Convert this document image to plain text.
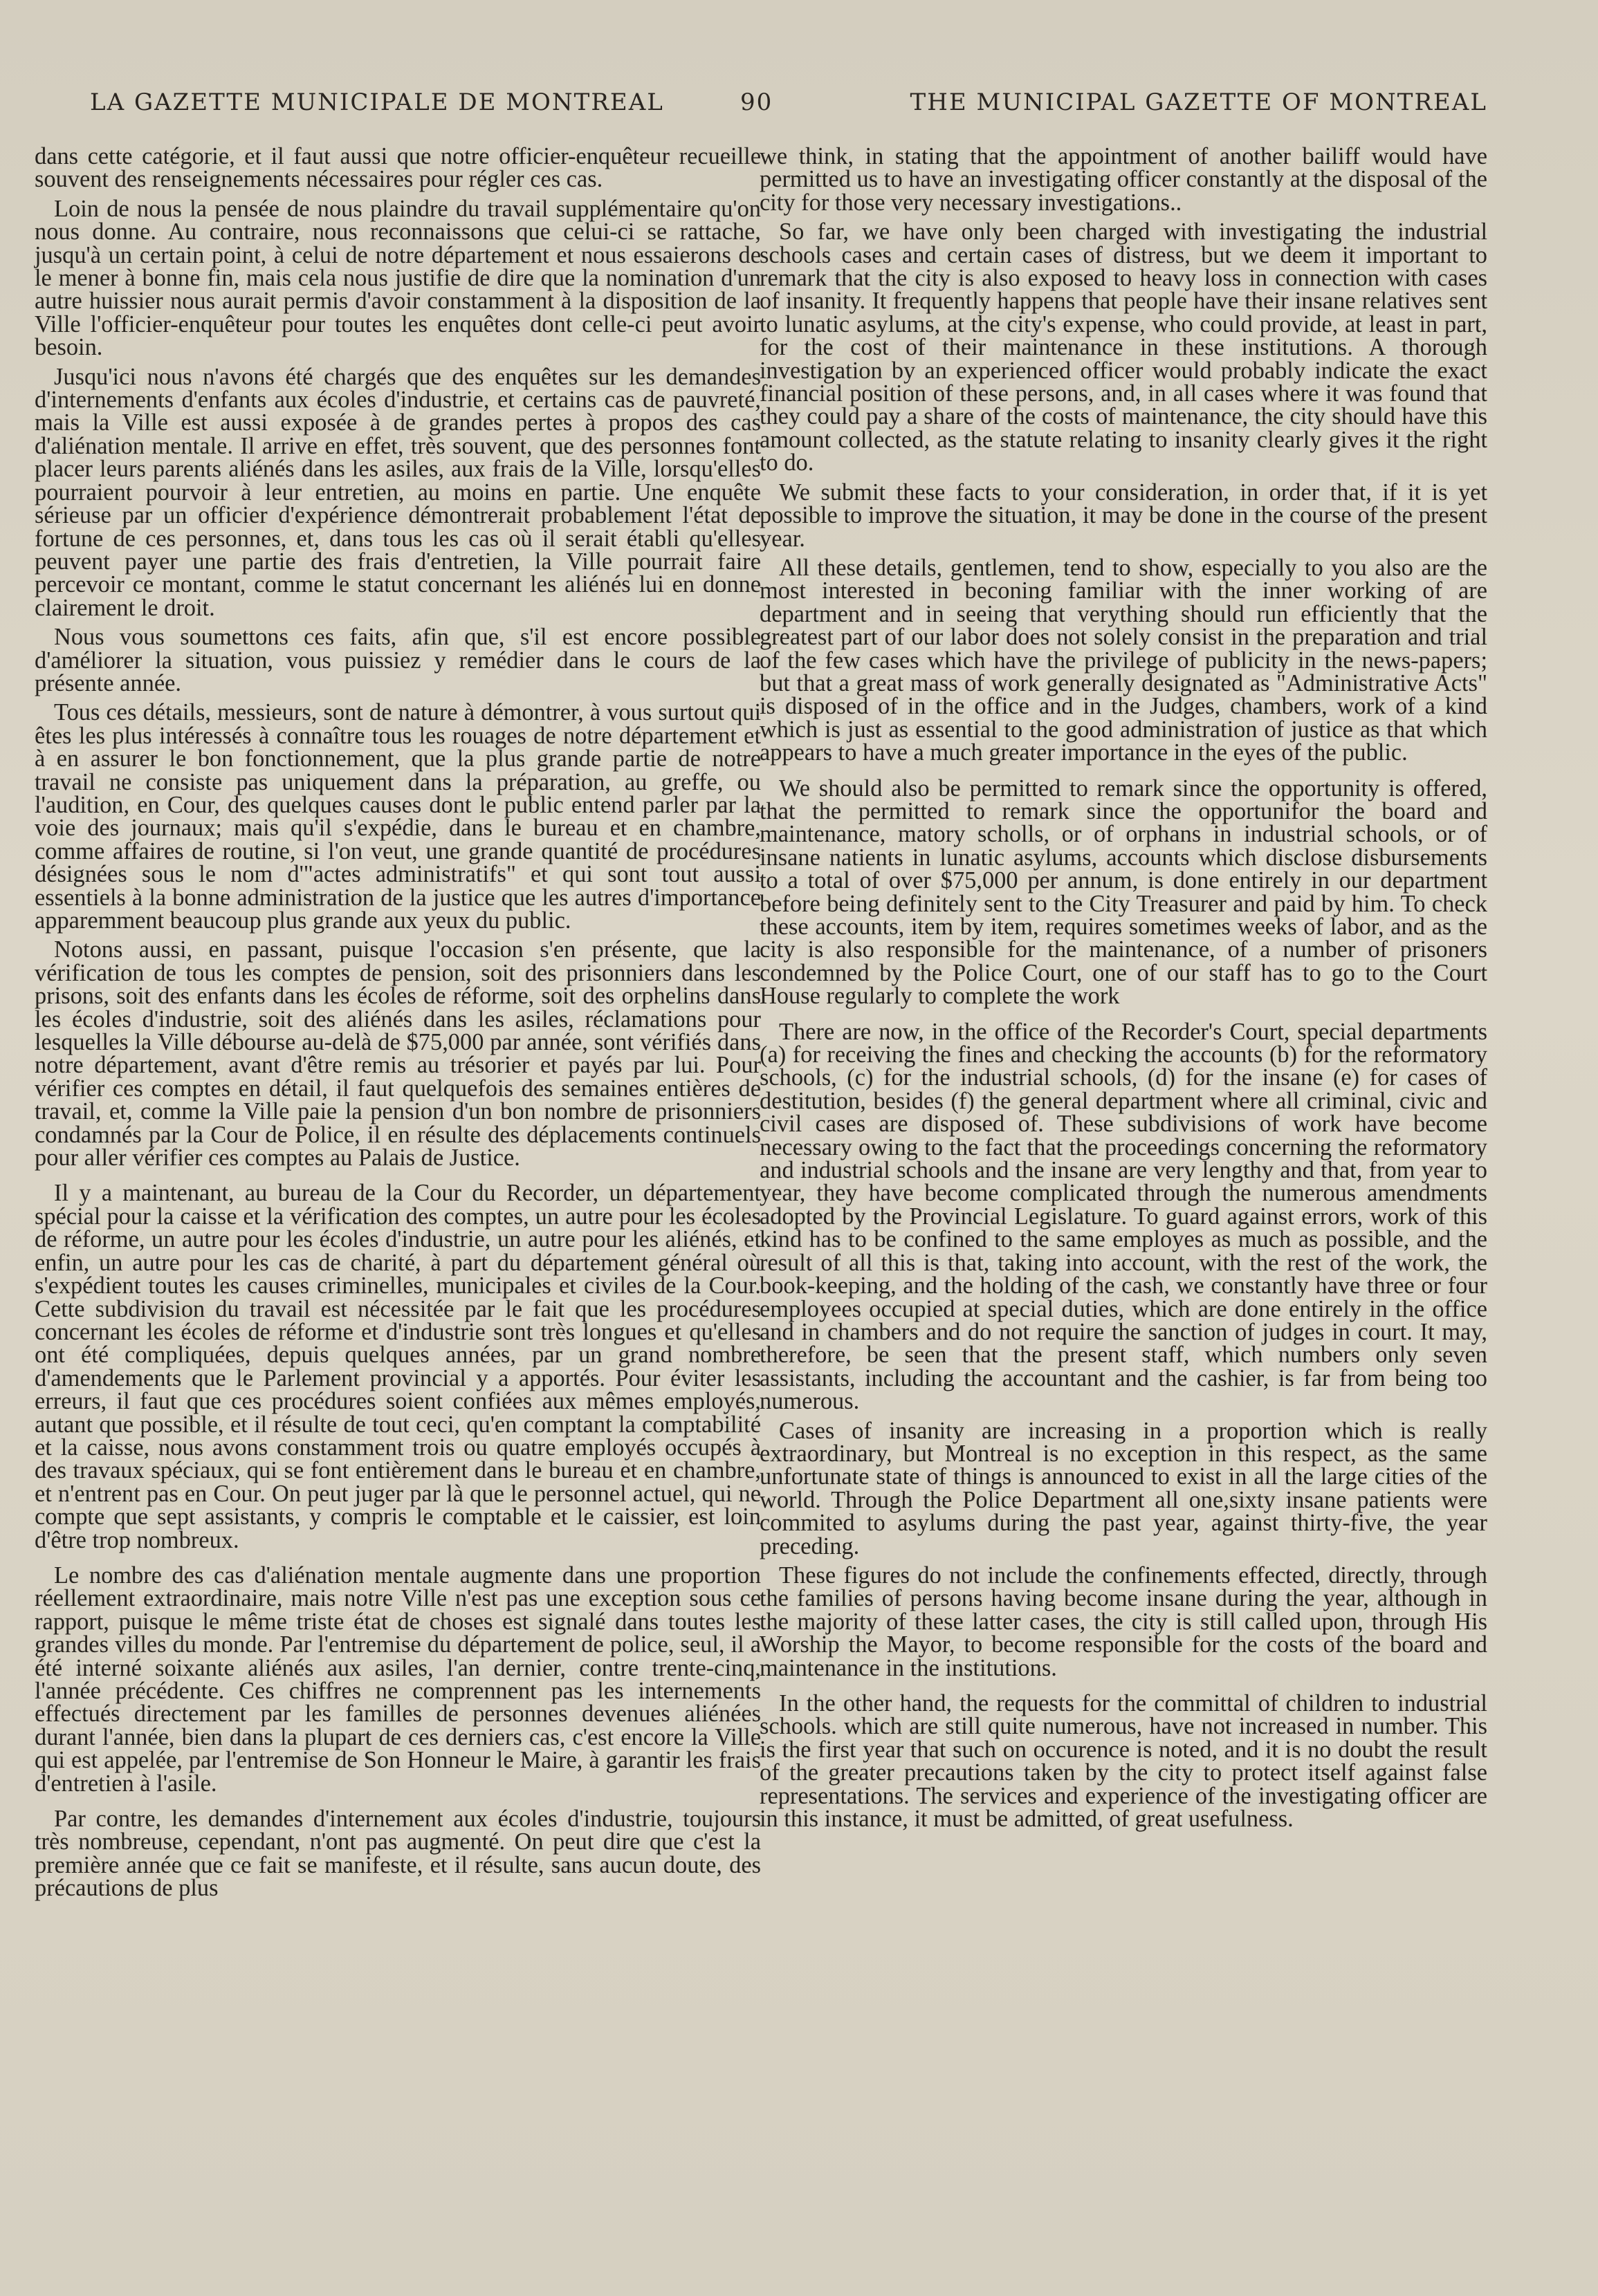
LA GAZETTE MUNICIPALE DE MONTREAL	90	THE MUNICIPAL GAZETTE OF MONTREAL

dans cette catégorie, et il faut aussi que notre officier-enquêteur recueille souvent des renseignements nécessaires pour régler ces cas.

Loin de nous la pensée de nous plaindre du travail supplémentaire qu'on nous donne. Au contraire, nous reconnaissons que celui-ci se rattache, jusqu'à un certain point, à celui de notre département et nous essaierons de le mener à bonne fin, mais cela nous justifie de dire que la nomination d'un autre huissier nous aurait permis d'avoir constamment à la disposition de la Ville l'officier-enquêteur pour toutes les enquêtes dont celle-ci peut avoir besoin.

Jusqu'ici nous n'avons été chargés que des enquêtes sur les demandes d'internements d'enfants aux écoles d'industrie, et certains cas de pauvreté, mais la Ville est aussi exposée à de grandes pertes à propos des cas d'aliénation mentale. Il arrive en effet, très souvent, que des personnes font placer leurs parents aliénés dans les asiles, aux frais de la Ville, lorsqu'elles pourraient pourvoir à leur entretien, au moins en partie. Une enquête sérieuse par un officier d'expérience démontrerait probablement l'état de fortune de ces personnes, et, dans tous les cas où il serait établi qu'elles peuvent payer une partie des frais d'entretien, la Ville pourrait faire percevoir ce montant, comme le statut concernant les aliénés lui en donne clairement le droit.

Nous vous soumettons ces faits, afin que, s'il est encore possible d'améliorer la situation, vous puissiez y remédier dans le cours de la présente année.

Tous ces détails, messieurs, sont de nature à démontrer, à vous surtout qui êtes les plus intéressés à connaître tous les rouages de notre département et à en assurer le bon fonctionnement, que la plus grande partie de notre travail ne consiste pas uniquement dans la préparation, au greffe, ou l'audition, en Cour, des quelques causes dont le public entend parler par la voie des journaux; mais qu'il s'expédie, dans le bureau et en chambre, comme affaires de routine, si l'on veut, une grande quantité de procédures désignées sous le nom d'"actes administratifs" et qui sont tout aussi essentiels à la bonne administration de la justice que les autres d'importance apparemment beaucoup plus grande aux yeux du public.

Notons aussi, en passant, puisque l'occasion s'en présente, que la vérification de tous les comptes de pension, soit des prisonniers dans les prisons, soit des enfants dans les écoles de réforme, soit des orphelins dans les écoles d'industrie, soit des aliénés dans les asiles, réclamations pour lesquelles la Ville débourse au-delà de $75,000 par année, sont vérifiés dans notre département, avant d'être remis au trésorier et payés par lui. Pour vérifier ces comptes en détail, il faut quelquefois des semaines entières de travail, et, comme la Ville paie la pension d'un bon nombre de prisonniers condamnés par la Cour de Police, il en résulte des déplacements continuels pour aller vérifier ces comptes au Palais de Justice.

Il y a maintenant, au bureau de la Cour du Recorder, un département spécial pour la caisse et la vérification des comptes, un autre pour les écoles de réforme, un autre pour les écoles d'industrie, un autre pour les aliénés, et enfin, un autre pour les cas de charité, à part du département général où s'expédient toutes les causes criminelles, municipales et civiles de la Cour. Cette subdivision du travail est nécessitée par le fait que les procédures concernant les écoles de réforme et d'industrie sont très longues et qu'elles ont été compliquées, depuis quelques années, par un grand nombre d'amendements que le Parlement provincial y a apportés. Pour éviter les erreurs, il faut que ces procédures soient confiées aux mêmes employés, autant que possible, et il résulte de tout ceci, qu'en comptant la comptabilité et la caisse, nous avons constamment trois ou quatre employés occupés à des travaux spéciaux, qui se font entièrement dans le bureau et en chambre, et n'entrent pas en Cour. On peut juger par là que le personnel actuel, qui ne compte que sept assistants, y compris le comptable et le caissier, est loin d'être trop nombreux.

Le nombre des cas d'aliénation mentale augmente dans une proportion réellement extraordinaire, mais notre Ville n'est pas une exception sous ce rapport, puisque le même triste état de choses est signalé dans toutes les grandes villes du monde. Par l'entremise du département de police, seul, il a été interné soixante aliénés aux asiles, l'an dernier, contre trente-cinq, l'année précédente. Ces chiffres ne comprennent pas les internements effectués directement par les familles de personnes devenues aliénées durant l'année, bien dans la plupart de ces derniers cas, c'est encore la Ville qui est appelée, par l'entremise de Son Honneur le Maire, à garantir les frais d'entretien à l'asile.

Par contre, les demandes d'internement aux écoles d'industrie, toujours très nombreuse, cependant, n'ont pas augmenté. On peut dire que c'est la première année que ce fait se manifeste, et il résulte, sans aucun doute, des précautions de plus

we think, in stating that the appointment of another bailiff would have permitted us to have an investigating officer constantly at the disposal of the city for those very necessary investigations..

So far, we have only been charged with investigating the industrial schools cases and certain cases of distress, but we deem it important to remark that the city is also exposed to heavy loss in connection with cases of insanity. It frequently happens that people have their insane relatives sent to lunatic asylums, at the city's expense, who could provide, at least in part, for the cost of their maintenance in these institutions. A thorough investigation by an experienced officer would probably indicate the exact financial position of these persons, and, in all cases where it was found that they could pay a share of the costs of maintenance, the city should have this amount collected, as the statute relating to insanity clearly gives it the right to do.

We submit these facts to your consideration, in order that, if it is yet possible to improve the situation, it may be done in the course of the present year.

All these details, gentlemen, tend to show, especially to you also are the most interested in beconing familiar with the inner working of are department and in seeing that verything should run efficiently that the greatest part of our labor does not solely consist in the preparation and trial of the few cases which have the privilege of publicity in the news-papers; but that a great mass of work generally designated as "Administrative Acts" is disposed of in the office and in the Judges, chambers, work of a kind which is just as essential to the good administration of justice as that which appears to have a much greater importance in the eyes of the public.

We should also be permitted to remark since the opportunity is offered, that the permitted to remark since the opportunifor the board and maintenance, matory scholls, or of orphans in industrial schools, or of insane natients in lunatic asylums, accounts which disclose disbursements to a total of over $75,000 per annum, is done entirely in our department before being definitely sent to the City Treasurer and paid by him. To check these accounts, item by item, requires sometimes weeks of labor, and as the city is also responsible for the maintenance, of a number of prisoners condemned by the Police Court, one of our staff has to go to the Court House regularly to complete the work

There are now, in the office of the Recorder's Court, special departments (a) for receiving the fines and checking the accounts (b) for the reformatory schools, (c) for the industrial schools, (d) for the insane (e) for cases of destitution, besides (f) the general department where all criminal, civic and civil cases are disposed of. These subdivisions of work have become necessary owing to the fact that the proceedings concerning the reformatory and industrial schools and the insane are very lengthy and that, from year to year, they have become complicated through the numerous amendments adopted by the Provincial Legislature. To guard against errors, work of this kind has to be confined to the same employes as much as possible, and the result of all this is that, taking into account, with the rest of the work, the book-keeping, and the holding of the cash, we constantly have three or four employees occupied at special duties, which are done entirely in the office and in chambers and do not require the sanction of judges in court. It may, therefore, be seen that the present staff, which numbers only seven assistants, including the accountant and the cashier, is far from being too numerous.

Cases of insanity are increasing in a proportion which is really extraordinary, but Montreal is no exception in this respect, as the same unfortunate state of things is announced to exist in all the large cities of the world. Through the Police Department all one,sixty insane patients were commited to asylums during the past year, against thirty-five, the year preceding.

These figures do not include the confinements effected, directly, through the families of persons having become insane during the year, although in the majority of these latter cases, the city is still called upon, through His Worship the Mayor, to become responsible for the costs of the board and maintenance in the institutions.

In the other hand, the requests for the committal of children to industrial schools. which are still quite numerous, have not increased in number. This is the first year that such on occurence is noted, and it is no doubt the result of the greater precautions taken by the city to protect itself against false representations. The services and experience of the investigating officer are in this instance, it must be admitted, of great usefulness.
